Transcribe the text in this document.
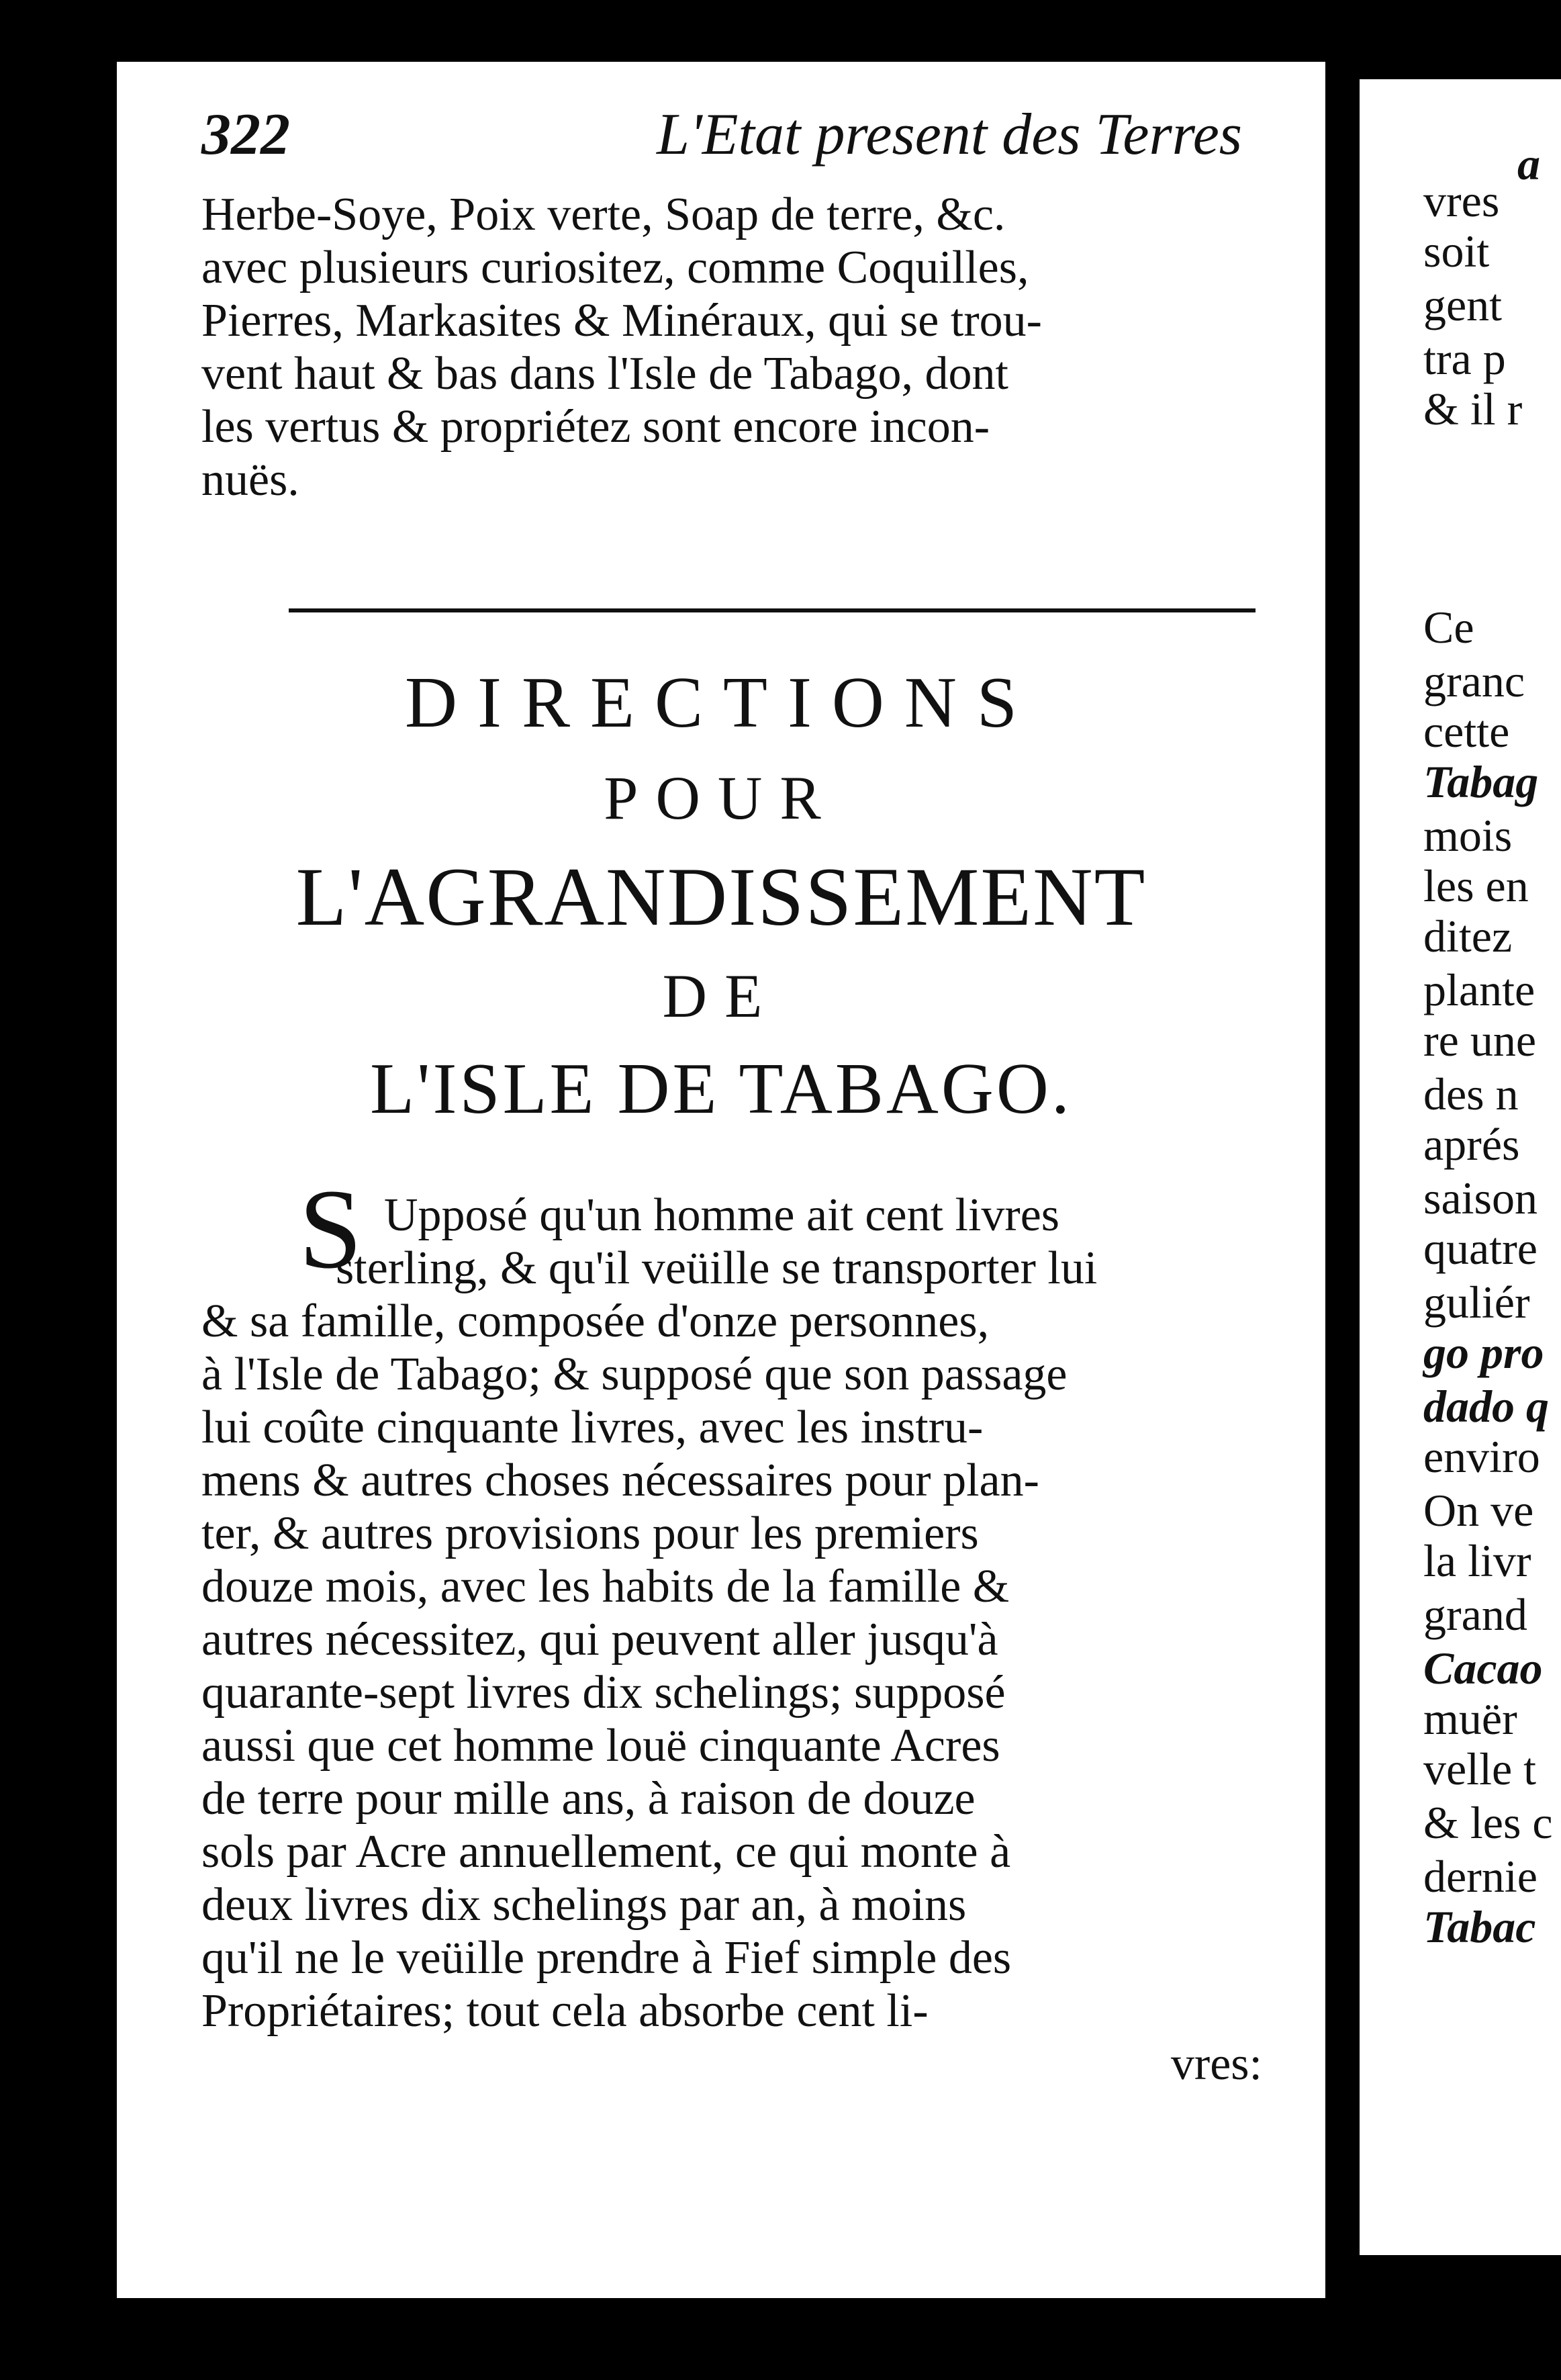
322	L'Etat present des Terres
Herbe-Soye, Poix verte, Soap de terre, &c.
avec plusieurs curiositez, comme Coquilles,
Pierres, Markasites & Minéraux, qui se trou-
vent haut & bas dans l'Isle de Tabago, dont
les vertus & propriétez sont encore incon-
nuës.
DIRECTIONS
POUR
L'AGRANDISSEMENT
DE
L'ISLE DE TABAGO.
S Upposé qu'un homme ait cent livres
sterling, & qu'il veüille se transporter lui
& sa famille, composée d'onze personnes,
à l'Isle de Tabago; & supposé que son passage
lui coûte cinquante livres, avec les instru-
mens & autres choses nécessaires pour plan-
ter, & autres provisions pour les premiers
douze mois, avec les habits de la famille &
autres nécessitez, qui peuvent aller jusqu'à
quarante-sept livres dix schelings; supposé
aussi que cet homme louë cinquante Acres
de terre pour mille ans, à raison de douze
sols par Acre annuellement, ce qui monte à
deux livres dix schelings par an, à moins
qu'il ne le veüille prendre à Fief simple des
Propriétaires; tout cela absorbe cent li-
vres:
a
vres
soit
gent
tra p
& il r
Ce
granc
cette
Tabag
mois
les en
ditez
plante
re une
des n
aprés
saison
quatre
guliér
go pro
dado q
enviro
On ve
la livr
grand
Cacao
muër
velle t
& les c
dernie
Tabac
